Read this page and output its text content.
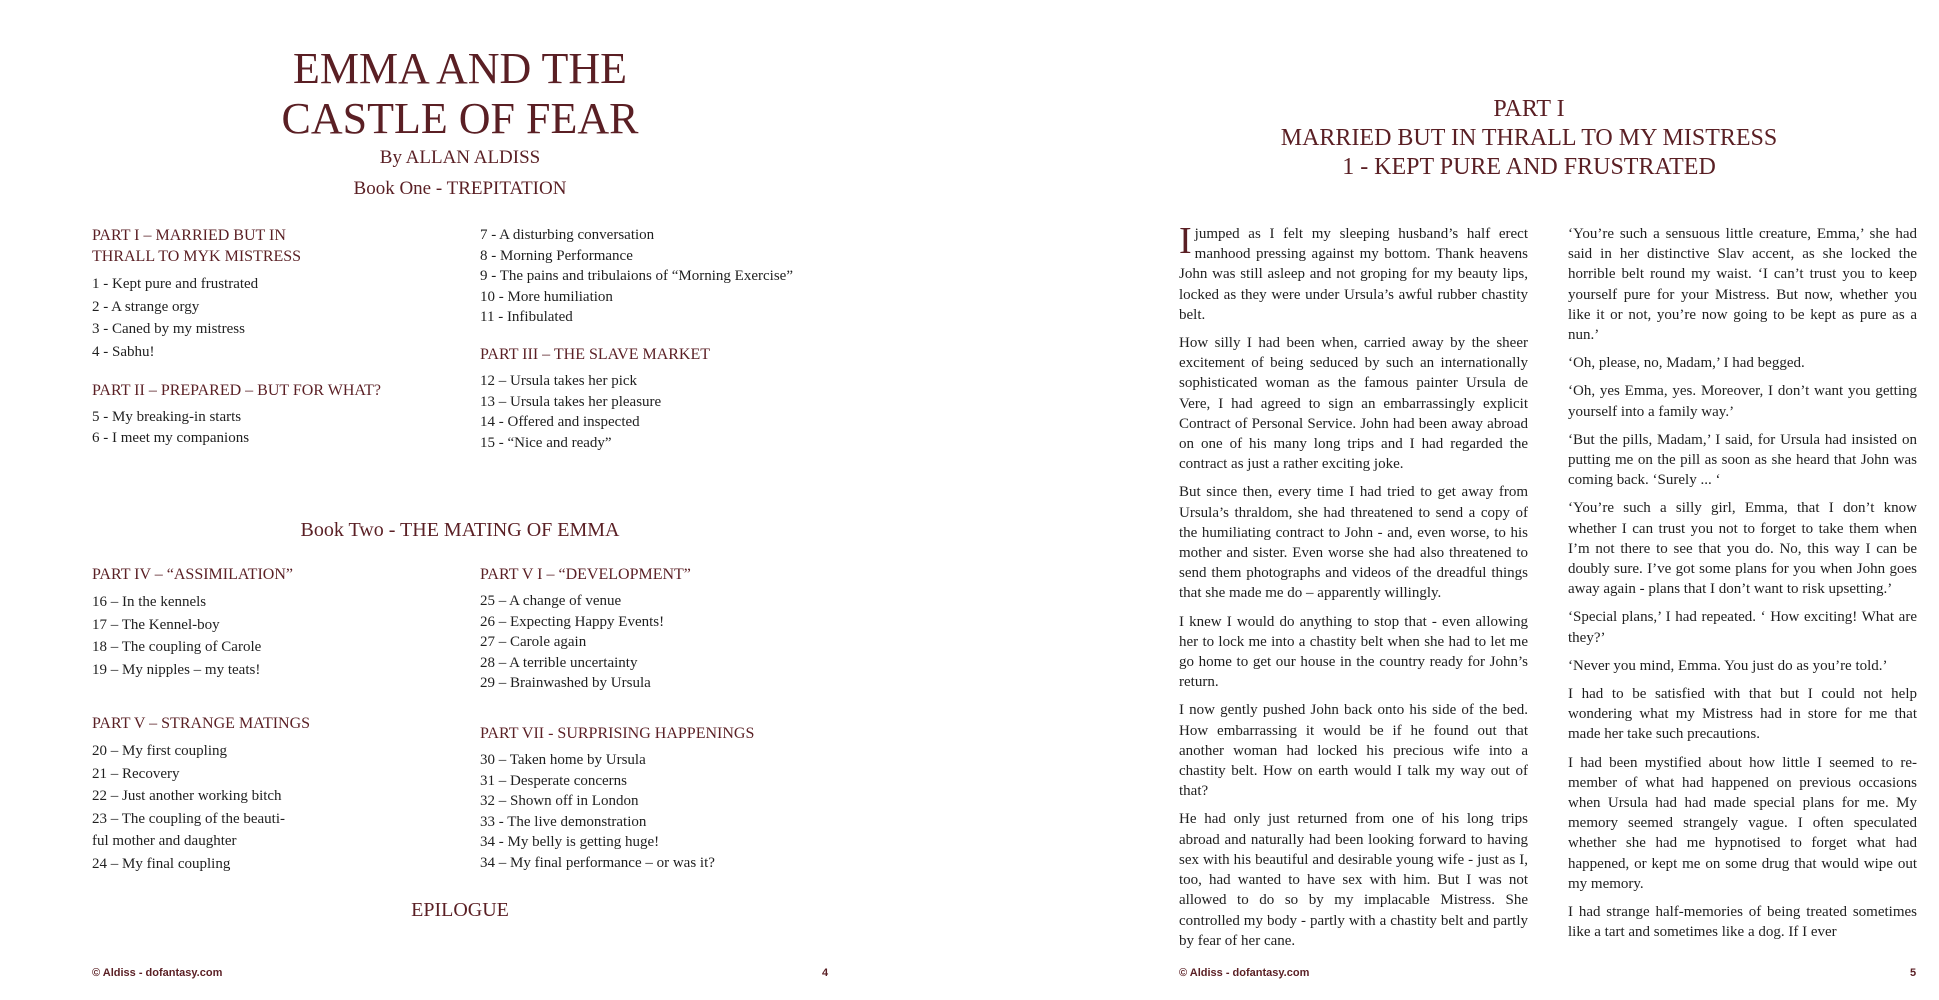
EMMA AND THE
CASTLE OF FEAR
By ALLAN ALDISS
Book One - TREPITATION
PART I – MARRIED BUT IN
THRALL TO MYK MISTRESS
1 - Kept pure and frustrated
2 - A strange orgy
3 - Caned by my mistress
4 - Sabhu!
PART II – PREPARED – BUT FOR WHAT?
5 - My breaking-in starts
6 - I meet my companions
7 - A disturbing conversation
8 - Morning Performance
9 - The pains and tribulaions of “Morning Exercise”
10 - More humiliation
11 - Infibulated
PART III – THE SLAVE MARKET
12 – Ursula takes her pick
13 – Ursula takes her pleasure
14 - Offered and inspected
15 - “Nice and ready”
Book Two - THE MATING OF EMMA
PART IV – “ASSIMILATION”
16 – In the kennels
17 – The Kennel-boy
18 – The coupling of Carole
19 – My nipples – my teats!
PART V – STRANGE MATINGS
20 – My first coupling
21 – Recovery
22 – Just another working bitch
23 – The coupling of the beauti-
ful mother and daughter
24 – My final coupling
PART V I – “DEVELOPMENT”
25 – A change of venue
26 – Expecting Happy Events!
27 – Carole again
28 – A terrible uncertainty
29 – Brainwashed by Ursula
PART VII - SURPRISING HAPPENINGS
30 – Taken home by Ursula
31 – Desperate concerns
32 – Shown off in London
33 - The live demonstration
34 - My belly is getting huge!
34 – My final performance – or was it?
EPILOGUE
© Aldiss - dofantasy.com	4
PART I
MARRIED BUT IN THRALL TO MY MISTRESS
1 - KEPT PURE AND FRUSTRATED

I jumped as I felt my sleeping husband’s half erect manhood pressing against my bottom. Thank heavens John was still asleep and not groping for my beauty lips, locked as they were under Ursula’s awful rubber chastity belt.

How silly I had been when, carried away by the sheer excitement of being seduced by such an internationally sophisticated woman as the famous painter Ursula de Vere, I had agreed to sign an embarrassingly explicit Contract of Personal Service. John had been away abroad on one of his many long trips and I had regarded the contract as just a rather exciting joke.

But since then, every time I had tried to get away from Ursula’s thraldom, she had threatened to send a copy of the humiliating contract to John - and, even worse, to his mother and sister. Even worse she had also threatened to send them photographs and videos of the dreadful things that she made me do – apparently willingly.

I knew I would do anything to stop that - even allowing her to lock me into a chastity belt when she had to let me go home to get our house in the country ready for John’s return.

I now gently pushed John back onto his side of the bed. How embarrassing it would be if he found out that another woman had locked his precious wife into a chastity belt. How on earth would I talk my way out of that?

He had only just returned from one of his long trips abroad and naturally had been looking forward to having sex with his beautiful and desirable young wife - just as I, too, had wanted to have sex with him. But I was not allowed to do so by my implacable Mistress. She controlled my body - partly with a chastity belt and partly by fear of her cane.

‘You’re such a sensuous little creature, Emma,’ she had said in her distinctive Slav accent, as she locked the horrible belt round my waist. ‘I can’t trust you to keep yourself pure for your Mistress. But now, whether you like it or not, you’re now going to be kept as pure as a nun.’

‘Oh, please, no, Madam,’ I had begged.

‘Oh, yes Emma, yes. Moreover, I don’t want you getting yourself into a family way.’

‘But the pills, Madam,’ I said, for Ursula had insisted on putting me on the pill as soon as she heard that John was coming back. ‘Surely ... ‘

‘You’re such a silly girl, Emma, that I don’t know whether I can trust you not to forget to take them when I’m not there to see that you do. No, this way I can be doubly sure. I’ve got some plans for you when John goes away again - plans that I don’t want to risk upsetting.’

‘Special plans,’ I had repeated. ‘ How exciting! What are they?’

‘Never you mind, Emma. You just do as you’re told.’

I had to be satisfied with that but I could not help wondering what my Mistress had in store for me that made her take such precautions.

I had been mystified about how little I seemed to remember of what had happened on previous occasions when Ursula had had made special plans for me. My memory seemed strangely vague. I often speculated whether she had me hypnotised to forget what had happened, or kept me on some drug that would wipe out my memory.

I had strange half-memories of being treated sometimes like a tart and sometimes like a dog. If I ever

© Aldiss - dofantasy.com	5
